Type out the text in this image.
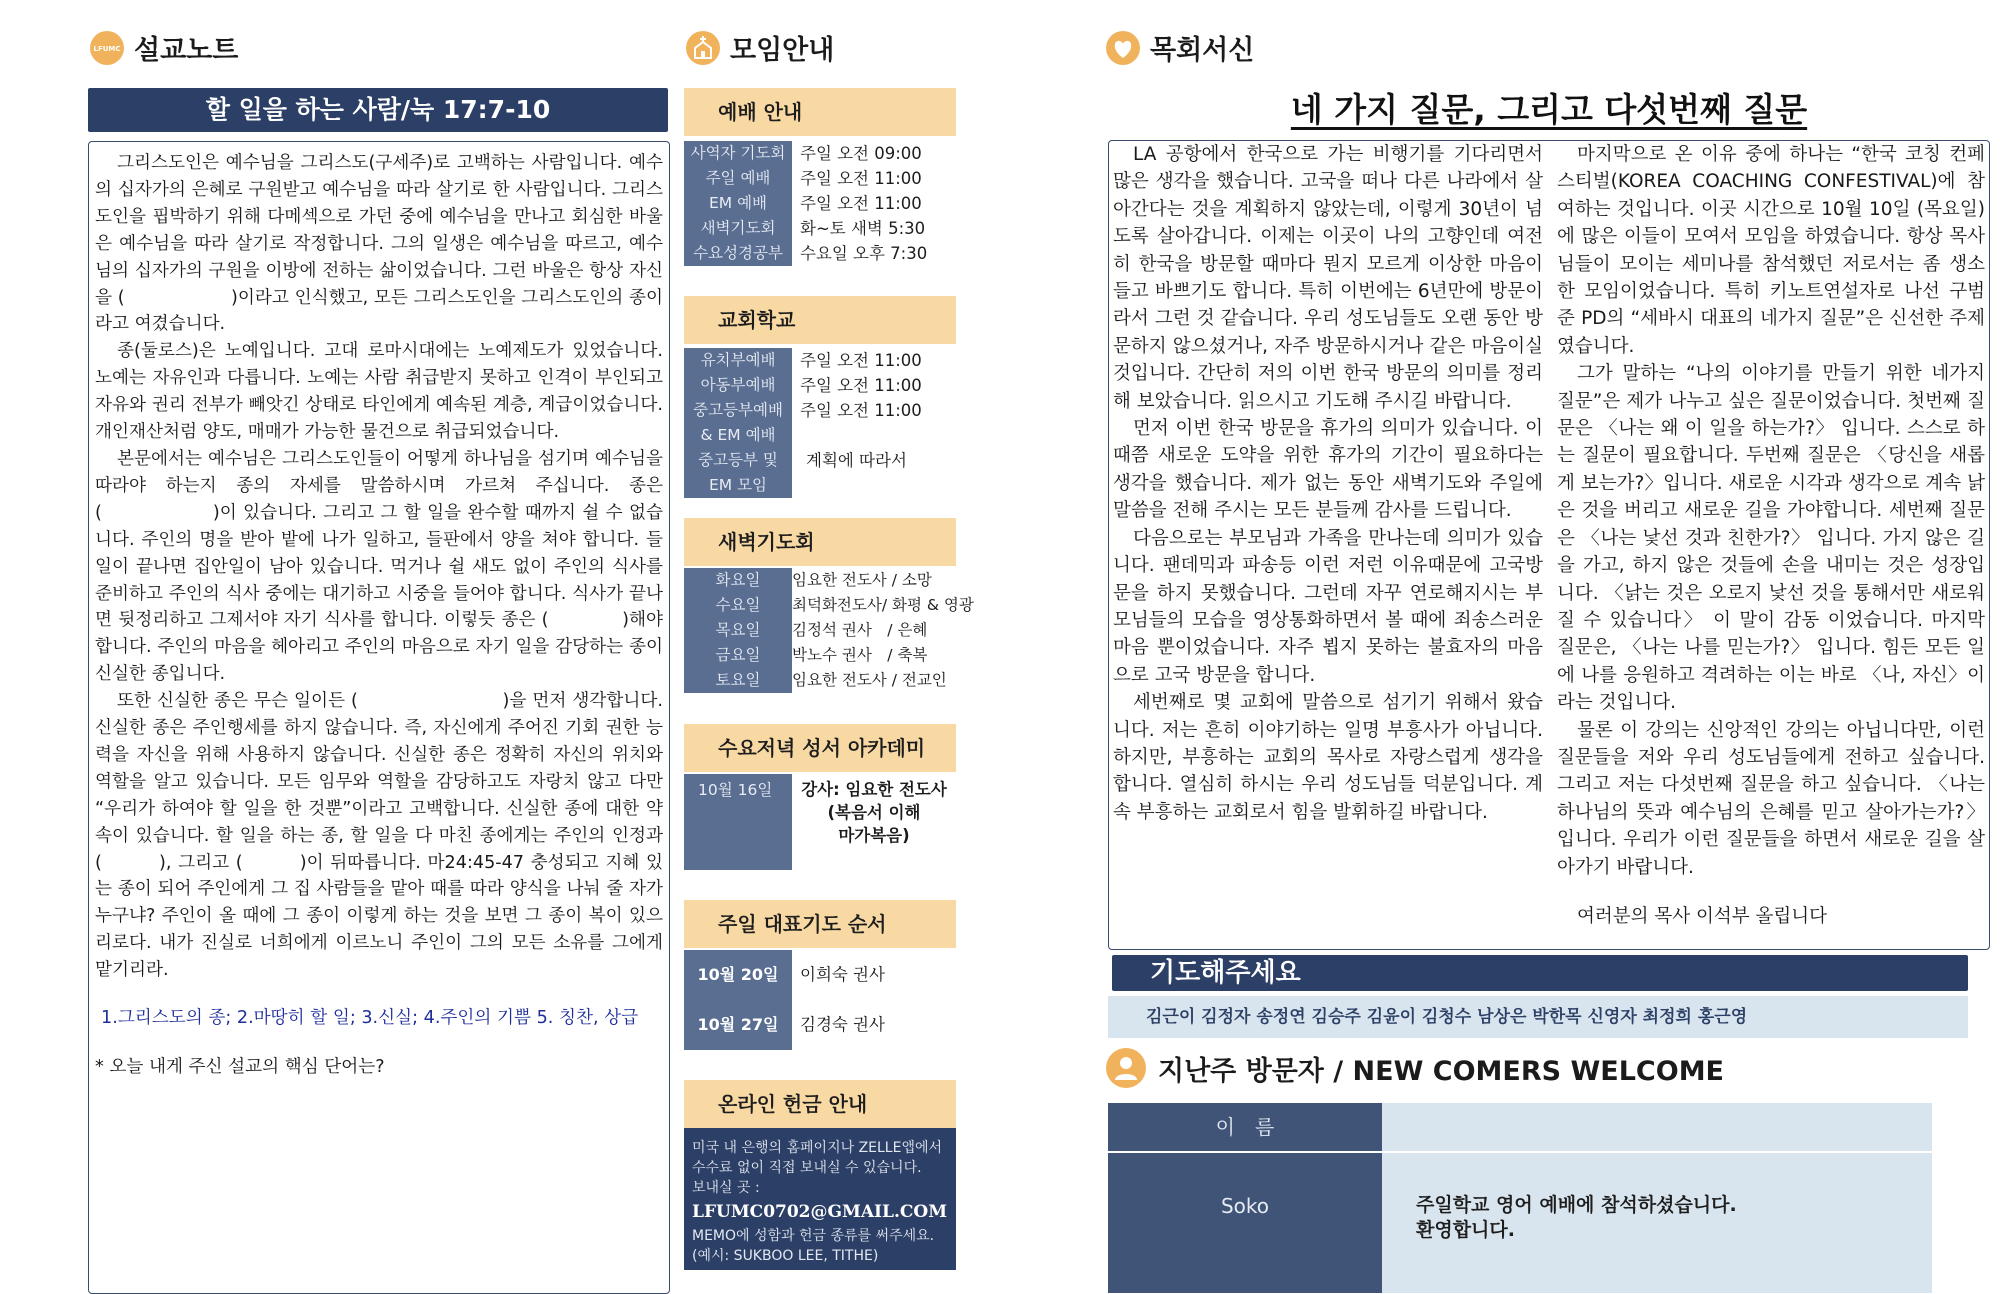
LFUMC 설교노트
할 일을 하는 사람/눅 17:7-10

그리스도인은 예수님을 그리스도(구세주)로 고백하는 사람입니다. 예수의 십자가의 은혜로 구원받고 예수님을 따라 살기로 한 사람입니다. 그리스도인을 핍박하기 위해 다메섹으로 가던 중에 예수님을 만나고 회심한 바울은 예수님을 따라 살기로 작정합니다. 그의 일생은 예수님을 따르고, 예수님의 십자가의 구원을 이방에 전하는 삶이었습니다. 그런 바울은 항상 자신을 (　　　　　　)이라고 인식했고, 모든 그리스도인을 그리스도인의 종이라고 여겼습니다.

종(둘로스)은 노예입니다. 고대 로마시대에는 노예제도가 있었습니다. 노예는 자유인과 다릅니다. 노예는 사람 취급받지 못하고 인격이 부인되고 자유와 권리 전부가 빼앗긴 상태로 타인에게 예속된 계층, 계급이었습니다. 개인재산처럼 양도, 매매가 가능한 물건으로 취급되었습니다.

본문에서는 예수님은 그리스도인들이 어떻게 하나님을 섬기며 예수님을 따라야 하는지 종의 자세를 말씀하시며 가르쳐 주십니다. 종은 (　　　　　　)이 있습니다. 그리고 그 할 일을 완수할 때까지 쉴 수 없습니다. 주인의 명을 받아 밭에 나가 일하고, 들판에서 양을 쳐야 합니다. 들일이 끝나면 집안일이 남아 있습니다. 먹거나 쉴 새도 없이 주인의 식사를 준비하고 주인의 식사 중에는 대기하고 시중을 들어야 합니다. 식사가 끝나면 뒷정리하고 그제서야 자기 식사를 합니다. 이렇듯 종은 (　　　　)해야 합니다. 주인의 마음을 헤아리고 주인의 마음으로 자기 일을 감당하는 종이 신실한 종입니다.

또한 신실한 종은 무슨 일이든 (　　　　　　　　)을 먼저 생각합니다. 신실한 종은 주인행세를 하지 않습니다. 즉, 자신에게 주어진 기회 권한 능력을 자신을 위해 사용하지 않습니다. 신실한 종은 정확히 자신의 위치와 역할을 알고 있습니다. 모든 임무와 역할을 감당하고도 자랑치 않고 다만 “우리가 하여야 할 일을 한 것뿐”이라고 고백합니다. 신실한 종에 대한 약속이 있습니다. 할 일을 하는 종, 할 일을 다 마친 종에게는 주인의 인정과 (　　　), 그리고 (　　　)이 뒤따릅니다. 마24:45-47 충성되고 지혜 있는 종이 되어 주인에게 그 집 사람들을 맡아 때를 따라 양식을 나눠 줄 자가 누구냐? 주인이 올 때에 그 종이 이렇게 하는 것을 보면 그 종이 복이 있으리로다. 내가 진실로 너희에게 이르노니 주인이 그의 모든 소유를 그에게 맡기리라.

1.그리스도의 종; 2.마땅히 할 일; 3.신실; 4.주인의 기쁨 5. 칭찬, 상급
* 오늘 내게 주신 설교의 핵심 단어는?
모임안내
예배 안내
사역자 기도회 주일 오전 09:00
주일 예배	주일 오전 11:00
EM 예배	주일 오전 11:00
새벽기도회	화~토 새벽 5:30
수요성경공부	수요일 오후 7:30
교회학교
유치부예배	주일 오전 11:00
아동부예배	주일 오전 11:00
중고등부예배	주일 오전 11:00
& EM 예배
중고등부 및	계획에 따라서
EM 모임
새벽기도회
화요일	임요한 전도사 / 소망
수요일	최덕화전도사/ 화평 & 영광
목요일	김정석 권사　/ 은혜
금요일	박노수 권사　/ 축복
토요일	임요한 전도사 / 전교인
수요저녁 성서 아카데미
10월 16일	강사: 임요한 전도사
(복음서 이해
마가복음)
주일 대표기도 순서
10월 20일	이희숙 권사
10월 27일	김경숙 권사
온라인 헌금 안내
미국 내 은행의 홈페이지나 ZELLE앱에서
수수료 없이 직접 보내실 수 있습니다.
보내실 곳 :
LFUMC0702@GMAIL.COM
MEMO에 성함과 헌금 종류를 써주세요.
(예시: SUKBOO LEE, TITHE)
목회서신
네 가지 질문, 그리고 다섯번째 질문

LA 공항에서 한국으로 가는 비행기를 기다리면서 많은 생각을 했습니다. 고국을 떠나 다른 나라에서 살아간다는 것을 계획하지 않았는데, 이렇게 30년이 넘도록 살아갑니다. 이제는 이곳이 나의 고향인데 여전히 한국을 방문할 때마다 뭔지 모르게 이상한 마음이 들고 바쁘기도 합니다. 특히 이번에는 6년만에 방문이라서 그런 것 같습니다. 우리 성도님들도 오랜 동안 방문하지 않으셨거나, 자주 방문하시거나 같은 마음이실 것입니다. 간단히 저의 이번 한국 방문의 의미를 정리해 보았습니다. 읽으시고 기도해 주시길 바랍니다.

먼저 이번 한국 방문을 휴가의 의미가 있습니다. 이때쯤 새로운 도약을 위한 휴가의 기간이 필요하다는 생각을 했습니다. 제가 없는 동안 새벽기도와 주일에 말씀을 전해 주시는 모든 분들께 감사를 드립니다.

다음으로는 부모님과 가족을 만나는데 의미가 있습니다. 팬데믹과 파송등 이런 저런 이유때문에 고국방문을 하지 못했습니다. 그런데 자꾸 연로해지시는 부모님들의 모습을 영상통화하면서 볼 때에 죄송스러운 마음 뿐이었습니다. 자주 뵙지 못하는 불효자의 마음으로 고국 방문을 합니다.

세번째로 몇 교회에 말씀으로 섬기기 위해서 왔습니다. 저는 흔히 이야기하는 일명 부흥사가 아닙니다. 하지만, 부흥하는 교회의 목사로 자랑스럽게 생각을 합니다. 열심히 하시는 우리 성도님들 덕분입니다. 계속 부흥하는 교회로서 힘을 발휘하길 바랍니다.

마지막으로 온 이유 중에 하나는 “한국 코칭 컨페스티벌(KOREA COACHING CONFESTIVAL)에 참여하는 것입니다. 이곳 시간으로 10월 10일 (목요일)에 많은 이들이 모여서 모임을 하였습니다. 항상 목사님들이 모이는 세미나를 참석했던 저로서는 좀 생소한 모임이었습니다. 특히 키노트연설자로 나선 구범준 PD의 “세바시 대표의 네가지 질문”은 신선한 주제였습니다.

그가 말하는 “나의 이야기를 만들기 위한 네가지 질문”은 제가 나누고 싶은 질문이었습니다. 첫번째 질문은 〈나는 왜 이 일을 하는가?〉 입니다. 스스로 하는 질문이 필요합니다. 두번째 질문은 〈당신을 새롭게 보는가?〉입니다. 새로운 시각과 생각으로 계속 낡은 것을 버리고 새로운 길을 가야합니다. 세번째 질문은 〈나는 낯선 것과 친한가?〉 입니다. 가지 않은 길을 가고, 하지 않은 것들에 손을 내미는 것은 성장입니다. 〈낡는 것은 오로지 낯선 것을 통해서만 새로워질 수 있습니다〉 이 말이 감동 이었습니다. 마지막 질문은, 〈나는 나를 믿는가?〉 입니다. 힘든 모든 일에 나를 응원하고 격려하는 이는 바로 〈나, 자신〉이라는 것입니다.

물론 이 강의는 신앙적인 강의는 아닙니다만, 이런 질문들을 저와 우리 성도님들에게 전하고 싶습니다. 그리고 저는 다섯번째 질문을 하고 싶습니다. 〈나는 하나님의 뜻과 예수님의 은혜를 믿고 살아가는가?〉입니다. 우리가 이런 질문들을 하면서 새로운 길을 살아가기 바랍니다.

여러분의 목사 이석부 올립니다

기도해주세요
김근이 김정자 송정연 김승주 김윤이 김청수 남상은 박한목 신영자 최정희 홍근영
지난주 방문자 / NEW COMERS WELCOME
이　름
Soko	주일학교 영어 예배에 참석하셨습니다.
환영합니다.
